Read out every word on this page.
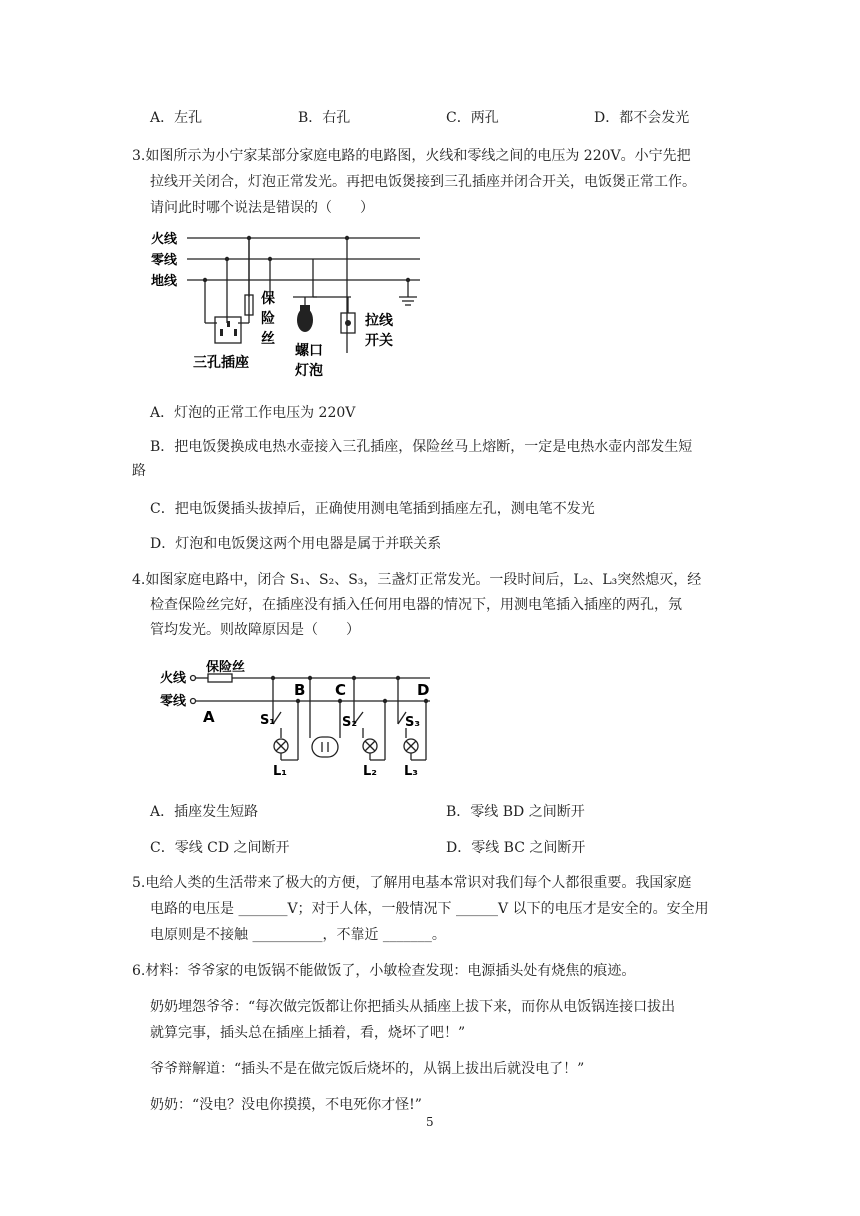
A．左孔	B．右孔	C．两孔	D．都不会发光
3.如图所示为小宁家某部分家庭电路的电路图，火线和零线之间的电压为 220V。小宁先把
拉线开关闭合，灯泡正常发光。再把电饭煲接到三孔插座并闭合开关，电饭煲正常工作。
请问此时哪个说法是错误的（　　）
火线
零线
地线
三孔插座
保
险
丝
螺口
灯泡
拉线
开关
A．灯泡的正常工作电压为 220V
B．把电饭煲换成电热水壶接入三孔插座，保险丝马上熔断，一定是电热水壶内部发生短
路
C．把电饭煲插头拔掉后，正确使用测电笔插到插座左孔，测电笔不发光
D．灯泡和电饭煲这两个用电器是属于并联关系
4.如图家庭电路中，闭合 S₁、S₂、S₃，三盏灯正常发光。一段时间后，L₂、L₃突然熄灭，经
检查保险丝完好，在插座没有插入任何用电器的情况下，用测电笔插入插座的两孔，氖
管均发光。则故障原因是（　　）
火线
零线
保险丝
A
B C	D
S₁	S₂	S₃
L₁	L₂ L₃
A．插座发生短路	B．零线 BD 之间断开
C．零线 CD 之间断开	D．零线 BC 之间断开
5.电给人类的生活带来了极大的方便，了解用电基本常识对我们每个人都很重要。我国家庭
电路的电压是 _______V；对于人体，一般情况下 ______V 以下的电压才是安全的。安全用
电原则是不接触 __________，不靠近 _______。
6.材料：爷爷家的电饭锅不能做饭了，小敏检查发现：电源插头处有烧焦的痕迹。
奶奶埋怨爷爷：“每次做完饭都让你把插头从插座上拔下来，而你从电饭锅连接口拔出
就算完事，插头总在插座上插着，看，烧坏了吧！”
爷爷辩解道：“插头不是在做完饭后烧坏的，从锅上拔出后就没电了！”
奶奶：“没电？没电你摸摸，不电死你才怪!”
5
